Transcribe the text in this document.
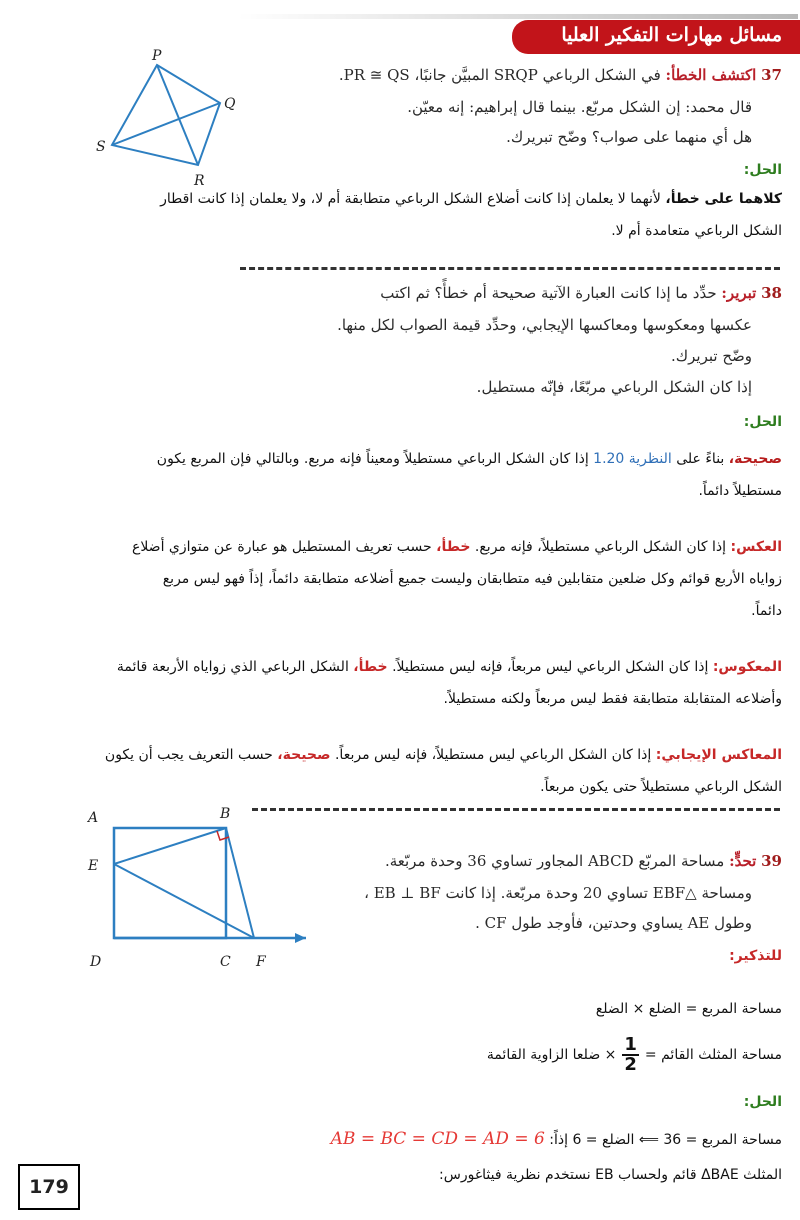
مسائل مهارات التفكير العليا
P
Q
R
S
37 اكتشف الخطأ: في الشكل الرباعي SRQP المبيَّن جانبًا، PR ≅ QS.
قال محمد: إن الشكل مربّع. بينما قال إبراهيم: إنه معيّن.
هل أي منهما على صواب؟ وضّح تبريرك.
الحل:
كلاهما على خطأ، لأنهما لا يعلمان إذا كانت أضلاع الشكل الرباعي متطابقة أم لا، ولا يعلمان إذا كانت اقطار
الشكل الرباعي متعامدة أم لا.
38 تبرير: حدِّد ما إذا كانت العبارة الآتية صحيحة أم خطأً؟ ثم اكتب
عكسها ومعكوسها ومعاكسها الإيجابي، وحدِّد قيمة الصواب لكل منها.
وضّح تبريرك.
إذا كان الشكل الرباعي مربّعًا، فإنّه مستطيل.
الحل:
صحيحة، بناءً على النظرية 1.20 إذا كان الشكل الرباعي مستطيلاً ومعيناً فإنه مربع. وبالتالي فإن المربع يكون
مستطيلاً دائماً.
العكس: إذا كان الشكل الرباعي مستطيلاً، فإنه مربع. خطأ، حسب تعريف المستطيل هو عبارة عن متوازي أضلاع
زواياه الأربع قوائم وكل ضلعين متقابلين فيه متطابقان وليست جميع أضلاعه متطابقة دائماً، إذاً فهو ليس مربع
دائماً.
المعكوس: إذا كان الشكل الرباعي ليس مربعاً، فإنه ليس مستطيلاً. خطأ، الشكل الرباعي الذي زواياه الأربعة قائمة
وأضلاعه المتقابلة متطابقة فقط ليس مربعاً ولكنه مستطيلاً.
المعاكس الإيجابي: إذا كان الشكل الرباعي ليس مستطيلاً، فإنه ليس مربعاً. صحيحة، حسب التعريف يجب أن يكون
الشكل الرباعي مستطيلاً حتى يكون مربعاً.
A	B
E
D	C F
39 تحدٍّ: مساحة المربّع ABCD المجاور تساوي 36 وحدة مربّعة.
ومساحة △EBF تساوي 20 وحدة مربّعة. إذا كانت EB ⊥ BF ،
وطول AE يساوي وحدتين، فأوجد طول CF .
للتذكير:
مساحة المربع = الضلع × الضلع
مساحة المثلث القائم =
$\frac{1}{2}$
× ضلعا الزاوية القائمة
الحل:
مساحة المربع = 36 ⟸ الضلع = 6 إذاً: AB = BC = CD = AD = 6
المثلث ΔBAE قائم ولحساب EB نستخدم نظرية فيثاغورس:
179
